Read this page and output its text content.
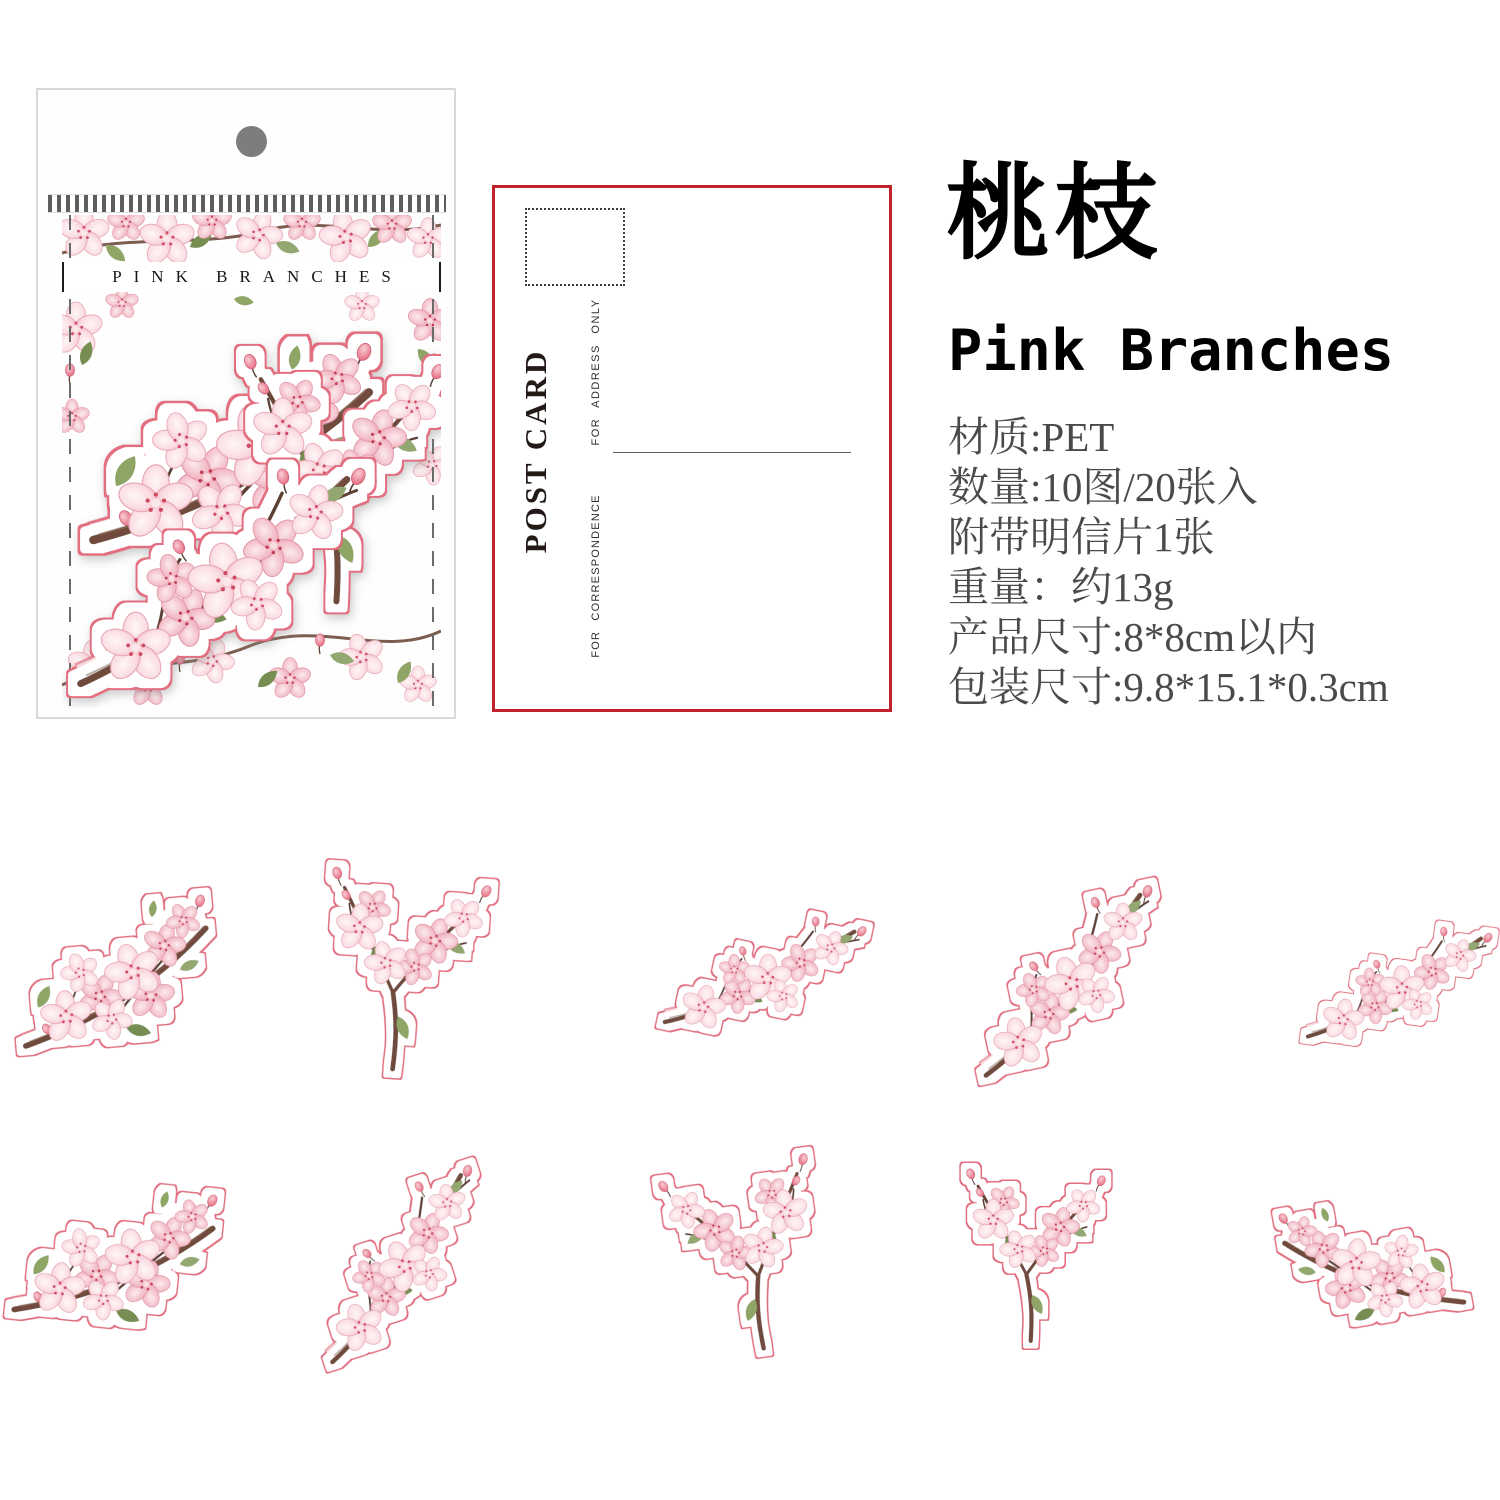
PINK BRANCHES
POST CARD	FOR ADDRESS ONLY
FOR CORRESPONDENCE
桃枝
Pink Branches
材质:PET
数量:10图/20张入
附带明信片1张
重量：约13g
产品尺寸:8*8cm以内
包装尺寸:9.8*15.1*0.3cm
